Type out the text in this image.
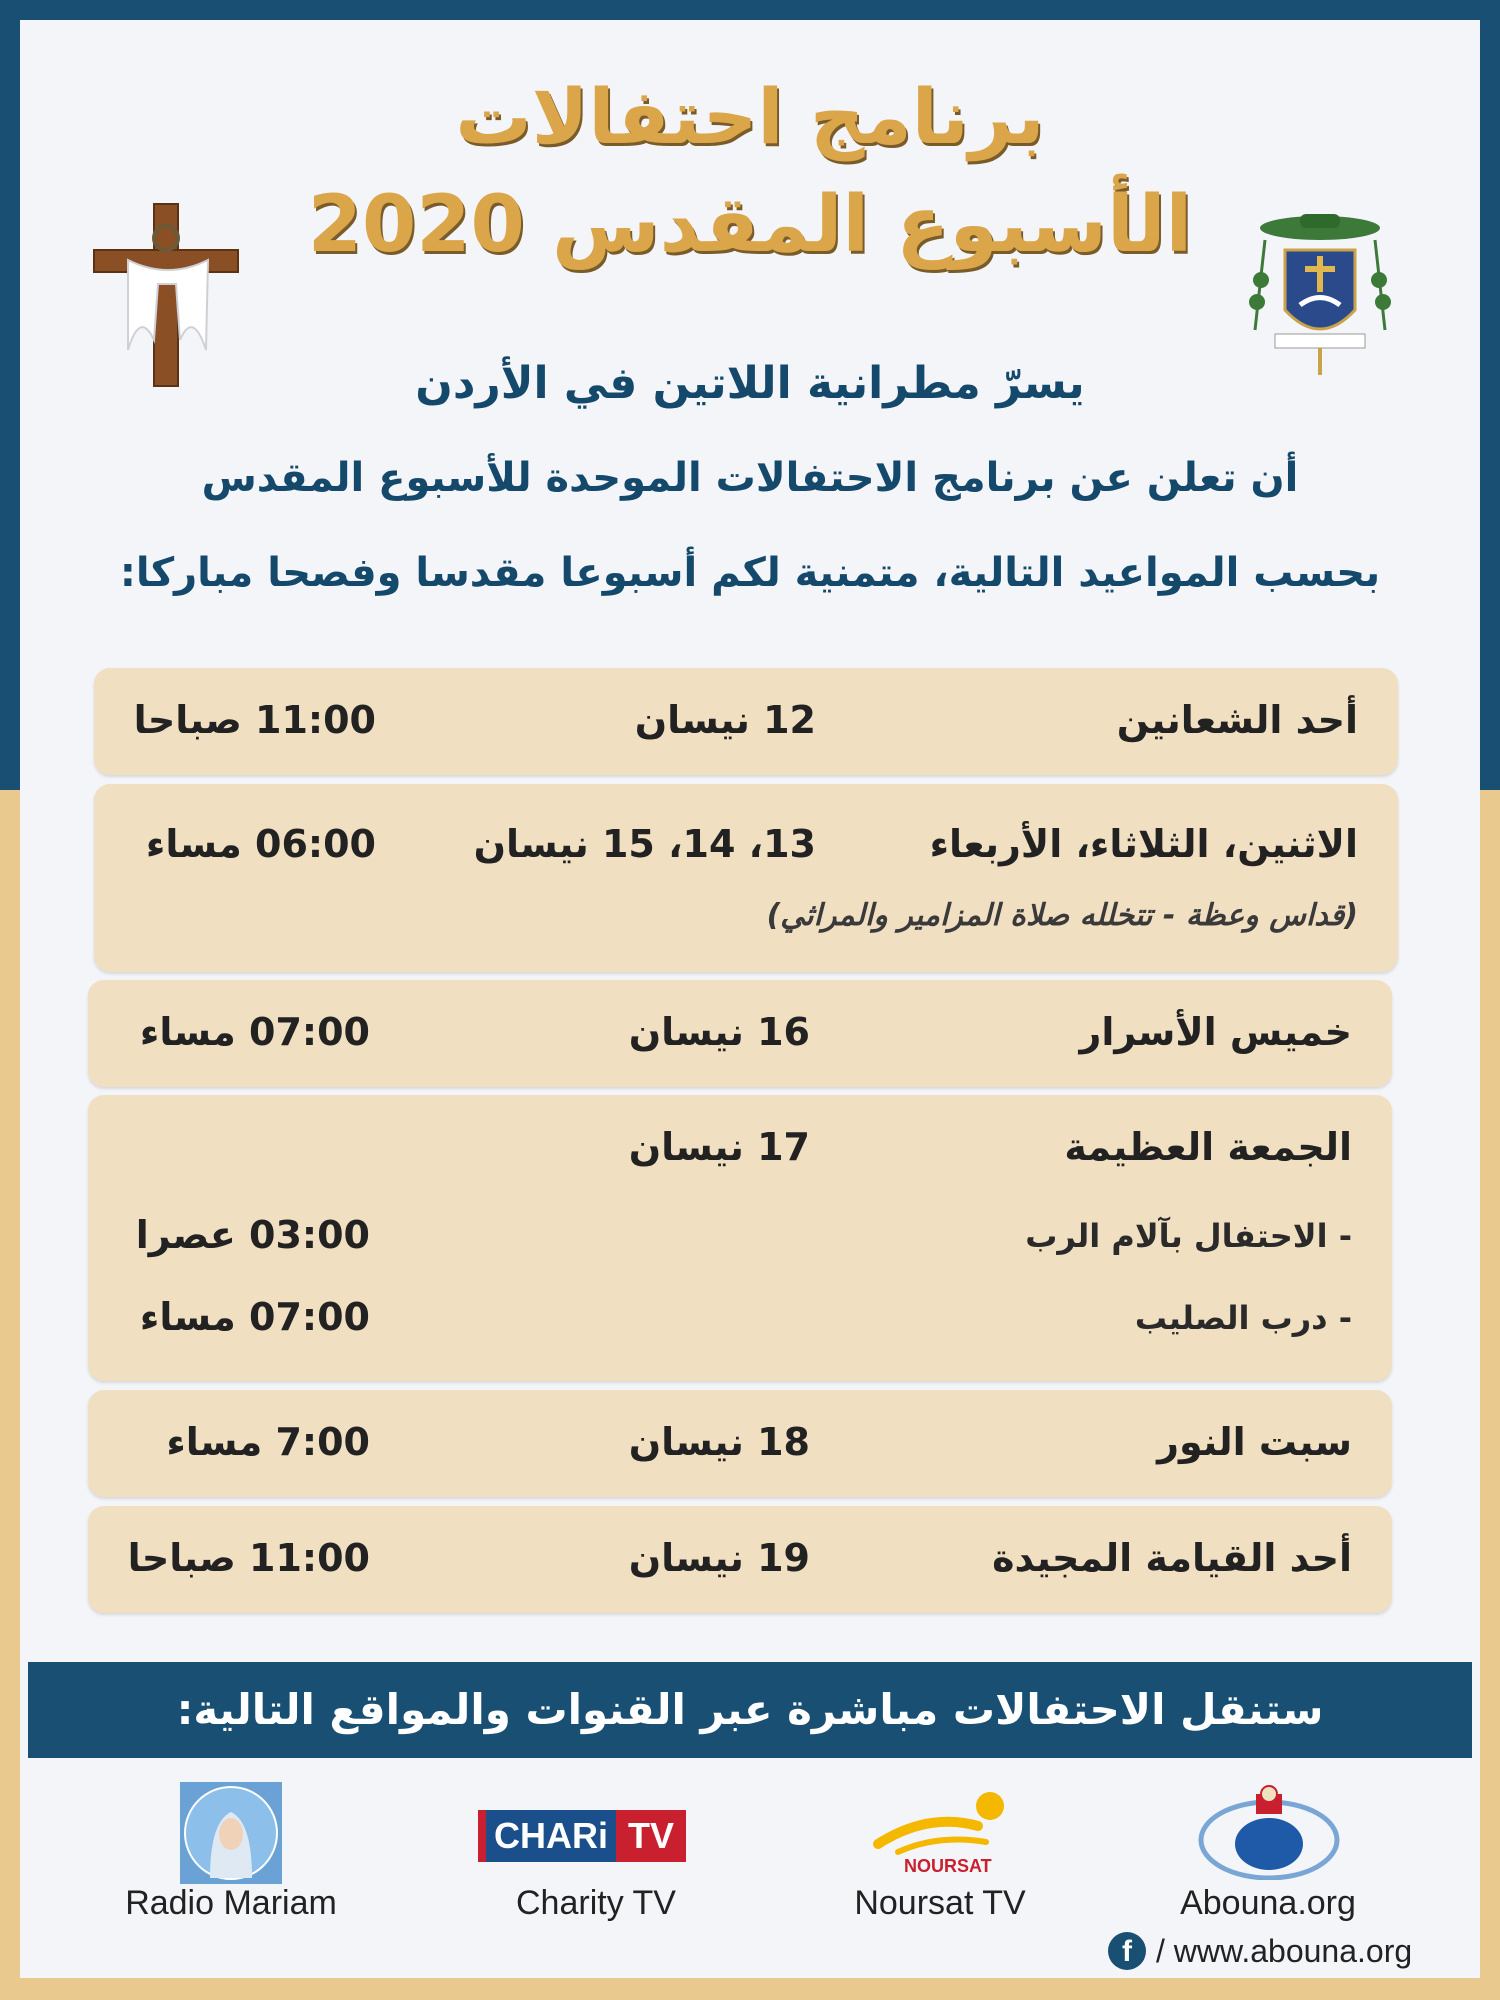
برنامج احتفالات
الأسبوع المقدس 2020
يسرّ مطرانية اللاتين في الأردن
أن تعلن عن برنامج الاحتفالات الموحدة للأسبوع المقدس
بحسب المواعيد التالية، متمنية لكم أسبوعا مقدسا وفصحا مباركا:
أحد الشعانين
12 نيسان
11:00 صباحا
الاثنين، الثلاثاء، الأربعاء
13، 14، 15 نيسان
06:00 مساء
(قداس وعظة - تتخلله صلاة المزامير والمراثي)
خميس الأسرار
16 نيسان
07:00 مساء
الجمعة العظيمة
17 نيسان
- الاحتفال بآلام الرب
03:00 عصرا
- درب الصليب
07:00 مساء
سبت النور
18 نيسان
7:00 مساء
أحد القيامة المجيدة
19 نيسان
11:00 صباحا
ستنقل الاحتفالات مباشرة عبر القنوات والمواقع التالية:
Radio Mariam
CHARi TV
Charity TV
NOURSAT
Noursat TV	Abouna.org
f / www.abouna.org
